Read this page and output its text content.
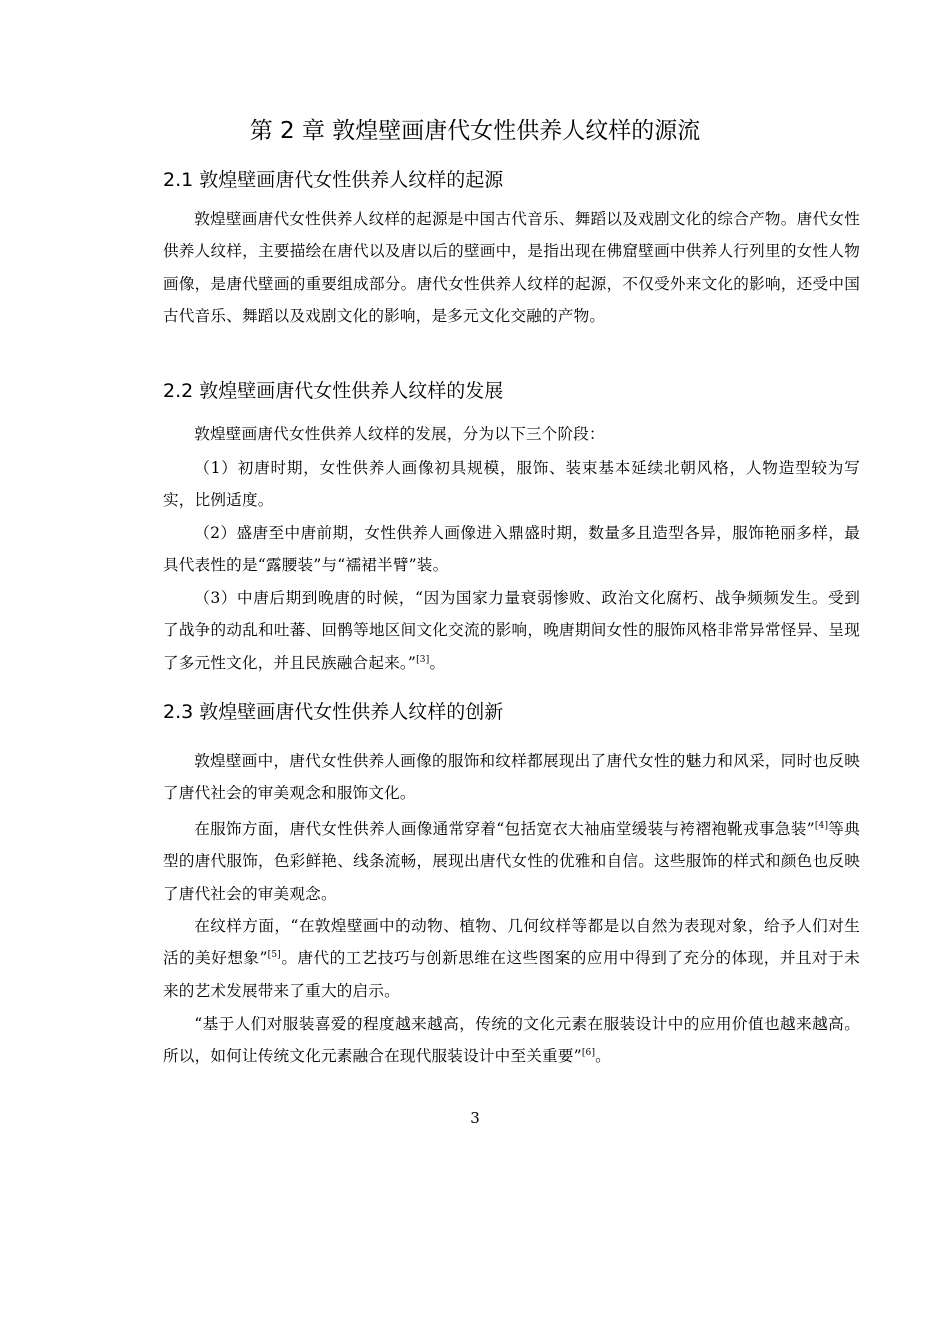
第 2 章 敦煌壁画唐代女性供养人纹样的源流
2.1 敦煌壁画唐代女性供养人纹样的起源
敦煌壁画唐代女性供养人纹样的起源是中国古代音乐、舞蹈以及戏剧文化的综合产物。唐代女性供养人纹样，主要描绘在唐代以及唐以后的壁画中，是指出现在佛窟壁画中供养人行列里的女性人物画像，是唐代壁画的重要组成部分。唐代女性供养人纹样的起源，不仅受外来文化的影响，还受中国古代音乐、舞蹈以及戏剧文化的影响，是多元文化交融的产物。
2.2 敦煌壁画唐代女性供养人纹样的发展
敦煌壁画唐代女性供养人纹样的发展，分为以下三个阶段：
（1）初唐时期，女性供养人画像初具规模，服饰、装束基本延续北朝风格，人物造型较为写实，比例适度。
（2）盛唐至中唐前期，女性供养人画像进入鼎盛时期，数量多且造型各异，服饰艳丽多样，最具代表性的是“露腰装”与“襦裙半臂”装。
（3）中唐后期到晚唐的时候，“因为国家力量衰弱惨败、政治文化腐朽、战争频频发生。受到了战争的动乱和吐蕃、回鹘等地区间文化交流的影响，晚唐期间女性的服饰风格非常异常怪异、呈现了多元性文化，并且民族融合起来。”[3]。
2.3 敦煌壁画唐代女性供养人纹样的创新
敦煌壁画中，唐代女性供养人画像的服饰和纹样都展现出了唐代女性的魅力和风采，同时也反映了唐代社会的审美观念和服饰文化。
在服饰方面，唐代女性供养人画像通常穿着“包括宽衣大袖庙堂缓装与袴褶袍靴戎事急装”[4]等典型的唐代服饰，色彩鲜艳、线条流畅，展现出唐代女性的优雅和自信。这些服饰的样式和颜色也反映了唐代社会的审美观念。
在纹样方面，“在敦煌壁画中的动物、植物、几何纹样等都是以自然为表现对象，给予人们对生活的美好想象”[5]。唐代的工艺技巧与创新思维在这些图案的应用中得到了充分的体现，并且对于未来的艺术发展带来了重大的启示。
“基于人们对服装喜爱的程度越来越高，传统的文化元素在服装设计中的应用价值也越来越高。所以，如何让传统文化元素融合在现代服装设计中至关重要”[6]。
3
